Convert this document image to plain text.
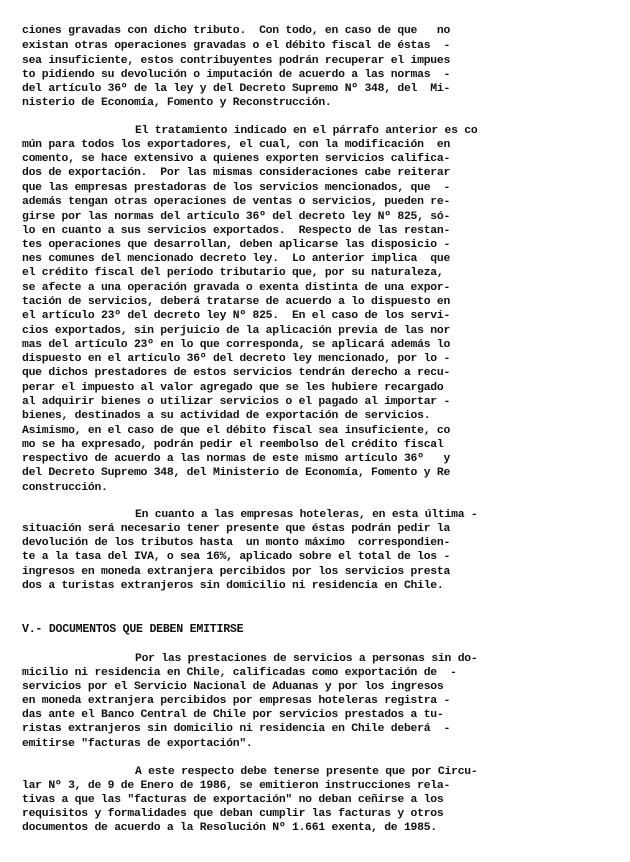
ciones gravadas con dicho tributo.  Con todo, en caso de que   no
existan otras operaciones gravadas o el débito fiscal de éstas  -
sea insuficiente, estos contribuyentes podrán recuperar el impues
to pidiendo su devolución o imputación de acuerdo a las normas  -
del artículo 36º de la ley y del Decreto Supremo Nº 348, del  Mi-
nisterio de Economía, Fomento y Reconstrucción.
El tratamiento indicado en el párrafo anterior es co
mún para todos los exportadores, el cual, con la modificación  en
comento, se hace extensivo a quienes exporten servicios califica-
dos de exportación.  Por las mismas consideraciones cabe reiterar
que las empresas prestadoras de los servicios mencionados, que  -
además tengan otras operaciones de ventas o servicios, pueden re-
girse por las normas del artículo 36º del decreto ley Nº 825, só-
lo en cuanto a sus servicios exportados.  Respecto de las restan-
tes operaciones que desarrollan, deben aplicarse las disposicio -
nes comunes del mencionado decreto ley.  Lo anterior implica  que
el crédito fiscal del período tributario que, por su naturaleza,
se afecte a una operación gravada o exenta distinta de una expor-
tación de servicios, deberá tratarse de acuerdo a lo dispuesto en
el artículo 23º del decreto ley Nº 825.  En el caso de los servi-
cios exportados, sin perjuicio de la aplicación previa de las nor
mas del artículo 23º en lo que corresponda, se aplicará además lo
dispuesto en el artículo 36º del decreto ley mencionado, por lo -
que dichos prestadores de estos servicios tendrán derecho a recu-
perar el impuesto al valor agregado que se les hubiere recargado
al adquirir bienes o utilizar servicios o el pagado al importar -
bienes, destinados a su actividad de exportación de servicios.
Asimismo, en el caso de que el débito fiscal sea insuficiente, co
mo se ha expresado, podrán pedir el reembolso del crédito fiscal
respectivo de acuerdo a las normas de este mismo artículo 36º   y
del Decreto Supremo 348, del Ministerio de Economía, Fomento y Re
construcción.
En cuanto a las empresas hoteleras, en esta última -
situación será necesario tener presente que éstas podrán pedir la
devolución de los tributos hasta  un monto máximo  correspondien-
te a la tasa del IVA, o sea 16%, aplicado sobre el total de los -
ingresos en moneda extranjera percibidos por los servicios presta
dos a turistas extranjeros sin domicilio ni residencia en Chile.
V.- DOCUMENTOS QUE DEBEN EMITIRSE
Por las prestaciones de servicios a personas sin do-
micilio ni residencia en Chile, calificadas como exportación de  -
servicios por el Servicio Nacional de Aduanas y por los ingresos
en moneda extranjera percibidos por empresas hoteleras registra -
das ante el Banco Central de Chile por servicios prestados a tu-
ristas extranjeros sin domicilio ni residencia en Chile deberá  -
emitirse "facturas de exportación".
A este respecto debe tenerse presente que por Circu-
lar Nº 3, de 9 de Enero de 1986, se emitieron instrucciones rela-
tivas a que las "facturas de exportación" no deban ceñirse a los
requisitos y formalidades que deban cumplir las facturas y otros
documentos de acuerdo a la Resolución Nº 1.661 exenta, de 1985.
